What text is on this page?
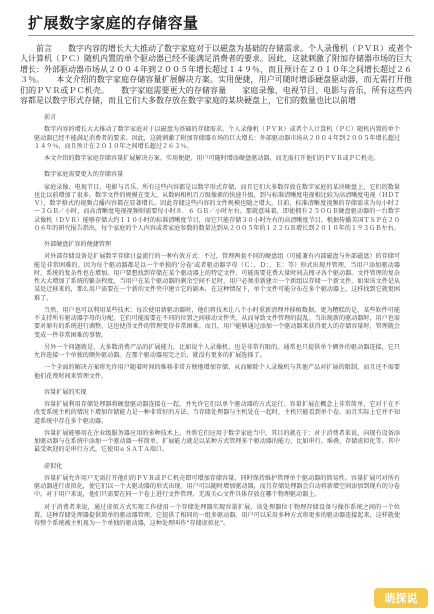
扩展数字家庭的存储容量

前言　　数字内容的增长大大推动了数字家庭对于以磁盘为基础的存储需求。个人录像机（ＰＶＲ）或者个人计算机（ＰＣ）随机内置的单个驱动器已经不能满足消费者的要求。因此，这就刺激了附加存储器市场的巨大增长：外部驱动器市场从２００４年到２００５年增长超过１４９％，而且预计在２０１０年之间增长超过２６３％。　　本文介绍的数字家庭存储容量扩展解决方案。实用便捷，用户可随时增添硬盘驱动器，而无需打开他们的ＰＶＲ或ＰＣ机壳。　　数字家庭需要更大的存储容量　　家庭录像、电视节目、电影与音乐，所有这些内容都是以数字形式存储，而且它们大多数存放在数字家庭的某块硬盘上，它们的数量也比以前增

前言

数字内容的增长大大推动了数字家庭对于以磁盘为基础的存储需求。个人录像机（ＰＶＲ）或者个人计算机（ＰＣ）随机内置的单个驱动器已经不能满足消费者的要求。因此，这就刺激了附加存储器市场的巨大增长：外部驱动器市场从２００４年到２００５年增长超过１４９％，而且预计在２０１０年之间增长超过２６３％。

本文介绍的数字家庭存储容量扩展解决方案。实用便捷，用户可随时增添硬盘驱动器，而无需打开他们的ＰＶＲ或ＰＣ机壳。

数字家庭需要更大的存储容量

家庭录像、电视节目、电影与音乐，所有这些内容都是以数字形式存储，而且它们大多数存放在数字家庭的某块硬盘上，它们的数量也比以前增加了很多。数字文件的规模在变大，从数码相机百万级像素的快速升级，到与标准清晰度电视相比较为高清晰度电视（ＨＤＴＶ），数字格式的视频点播内容都在显著增长。因此存储这些内容的文件规模也随之增大。目前，标准清晰度视频的存储需求为每小时２～３ＧＢ／小时，而高清晰度电视视频则需要每小时８．６ ＧＢ／小时左右。那就意味着，即使拥有２５０ＧＢ硬盘驱动器的一台数字录像机（ＤＶＲ）能够存储大约１１０小时的标准清晰度节目，而它只能存储３０小时左右的高清晰度节目。根据传播美国ＴＳＰ在２００６年的研究报告指出，每个家庭的个人内容或者家庭参数的数量达到从２００５年的１２２ＧＢ增长到２０１０年的１９３ＧＢ左右。

外部硬盘扩容的便捷管理

对外部存储设备是扩展数字存储日益流行的一种有效方式：不过，管理两套不同的硬盘组（可能兼有内部磁盘与外部磁盘）的存储可能是非常困难的。因为每个驱动器都是以一个单独的‘分卷’或者驱动器字母（Ｃ：、Ｄ：、Ｅ：等）形式出现并管理，当用户添加驱动器时，系统的复杂性也在增加。用户要想找到存储在某个驱动器上的特定文件，可能需要花费大量时间去搜寻各个驱动器。文件管理的复杂性大大增加了系统的繁杂程度，当用户在某个驱动器的剩余空间不足时，用户必须重新建立一个新组以存储一个新文件。如果该文件是从某处迁移来的，那么用户需要在一个新的文件夹中建立它的副本，在这种情况下，单个文件可能分布在多个驱动器上，这样找到它就更困难了。

当然，用户也可以利用某些技术：每次使用新驱动器时，他们将技术让八个小时重新清理并移植数据。更为糟糕的是，某些软件可能不支持所有驱动器字母的分配，它们可能需要在不同的位置之间移动文件夹，从而导致文件管理的混乱。当出现新的驱动器时，用户也需要对原有的系统进行调整，这也使得文件的管理变得非常困难。而且，用户能够通过添加一个驱动器来获得更大的存储容量时，管理就会变成一件非常困难的事情。

另外一个问题就是，大多数消费产品的扩展能力，比如说个人录像机，也是非常有限的。通常也只提供单个额外的驱动器连接，它只允许连接一个单独的额外驱动器。在那个驱动器用完之后，就没有更多的扩展选择了。

一个全面的解决方案将允许用户随着时间的推移非常方便地增加存储，从而解除个人录像机与其他产品对扩展的限制，而且还不需要他们花费时间来管理文件。

容量扩展的实现

容量扩展利用存储处理器将硬盘驱动器连接在一起，并允许它们以单个驱动器的方式运行。容量扩展在概念上非常简单，它对于在不改变系统主机的情况下增加存储能力是一种非常好的方法。当存储处理器与主机处在一起时，主机只能看到单个卷，而且实际上它并不知道系统中存在多个驱动器。

容量扩展能够用在企业级服务器应用的多种技术上，并将它们应用于数字家庭当中，其目的就在于：对于消费者来说，向现有设备添加驱动器与在系统中添加一个驱动器一样简单。扩展能力就是以某种方式管理多个驱动器的能力，比如串行、堆叠、存储虚拟化等。其中最受欢迎的是串行方式，它使用ｅＳＡＴＡ端口。

虚拟化

容量扩展允许用户无需打开他们的ＰＶＲ或ＰＣ机壳即可增加存储容量，同时保持维护管理单个驱动器的简易性。容量扩展可对所有驱动器进行虚拟化，使它们以一个大驱动器的形式出现。用户可以随时增加驱动器，而且存储处理器会自动将新增空间添加到现有的分卷中。对于用户来说，他们只需要在同一个卷上进行文件管理，无需关心文件具体存放在哪个物理驱动器上。

对于消费者来说，通过虚拟方式实现工作使用一个存储处理器实现容量扩展，该处理器位于物理存储设备与操作系统之间的一个位置。这种存储处理器提供简单的驱动器管理，它提供了相同的一组多驱动器。用户可以采用多种方式将更多的驱动器连接起来，这样就使得整个系统被主机视为一个单独的驱动器，这种处理叫作“存储虚拟化”。

萌探说
